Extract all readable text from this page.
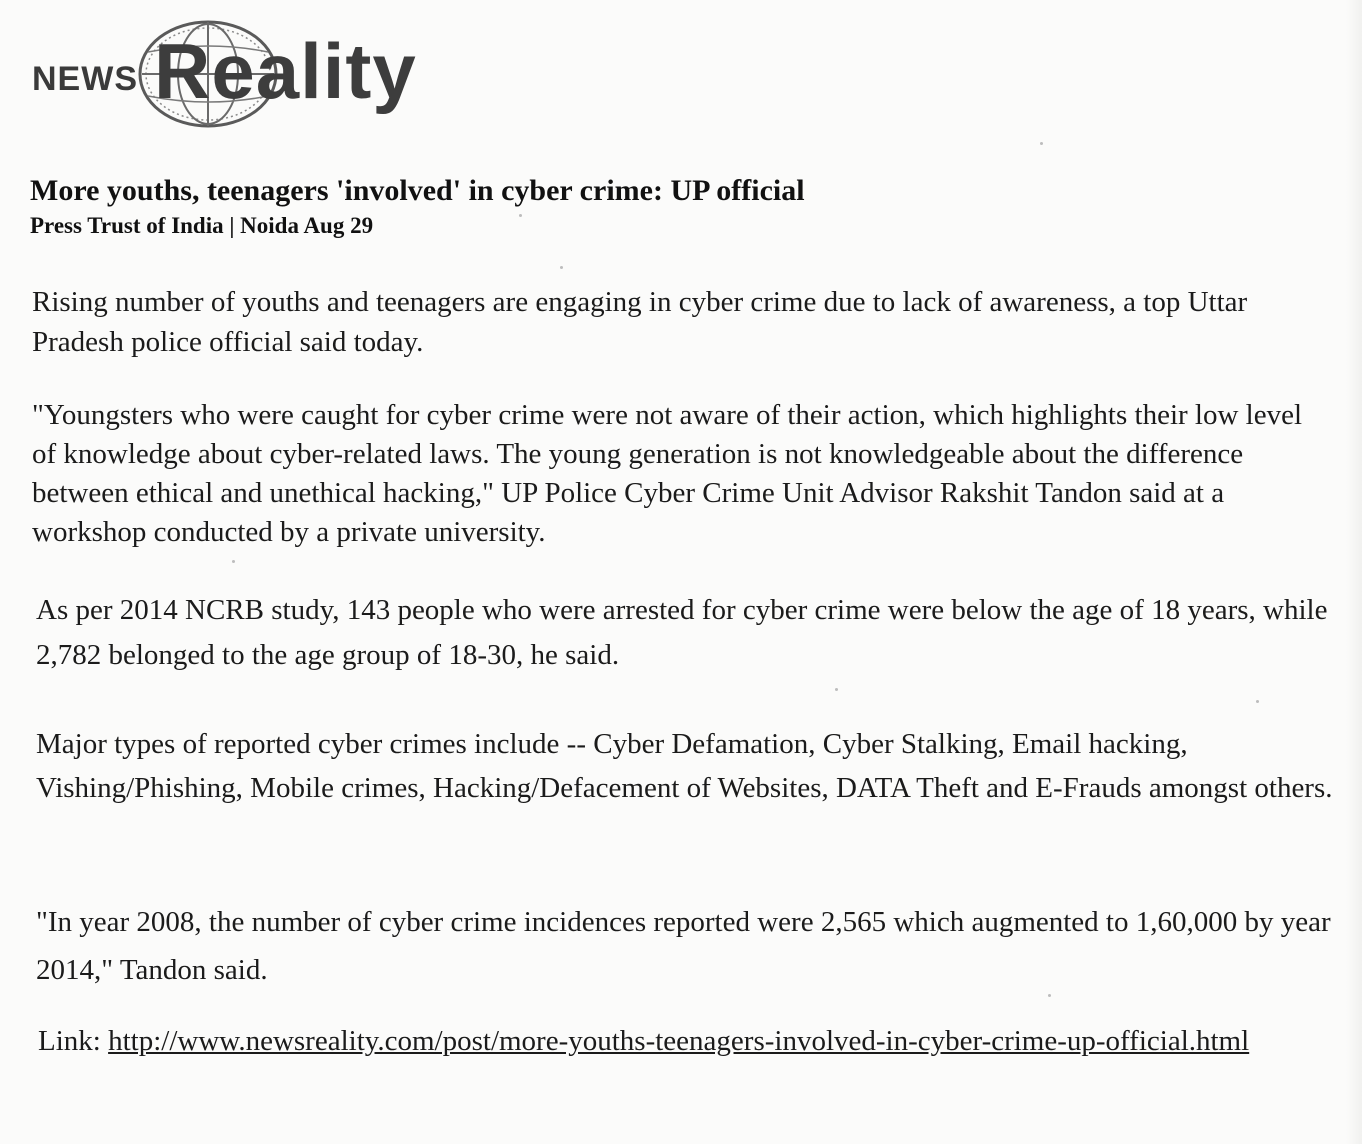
NEWS Reality
More youths, teenagers 'involved' in cyber crime: UP official
Press Trust of India | Noida Aug 29
Rising number of youths and teenagers are engaging in cyber crime due to lack of awareness, a top Uttar Pradesh police official said today.
"Youngsters who were caught for cyber crime were not aware of their action, which highlights their low level of knowledge about cyber-related laws. The young generation is not knowledgeable about the difference between ethical and unethical hacking," UP Police Cyber Crime Unit Advisor Rakshit Tandon said at a workshop conducted by a private university.
As per 2014 NCRB study, 143 people who were arrested for cyber crime were below the age of 18 years, while 2,782 belonged to the age group of 18-30, he said.
Major types of reported cyber crimes include -- Cyber Defamation, Cyber Stalking, Email hacking, Vishing/Phishing, Mobile crimes, Hacking/Defacement of Websites, DATA Theft and E-Frauds amongst others.
"In year 2008, the number of cyber crime incidences reported were 2,565 which augmented to 1,60,000 by year 2014," Tandon said.
Link: http://www.newsreality.com/post/more-youths-teenagers-involved-in-cyber-crime-up-official.html
